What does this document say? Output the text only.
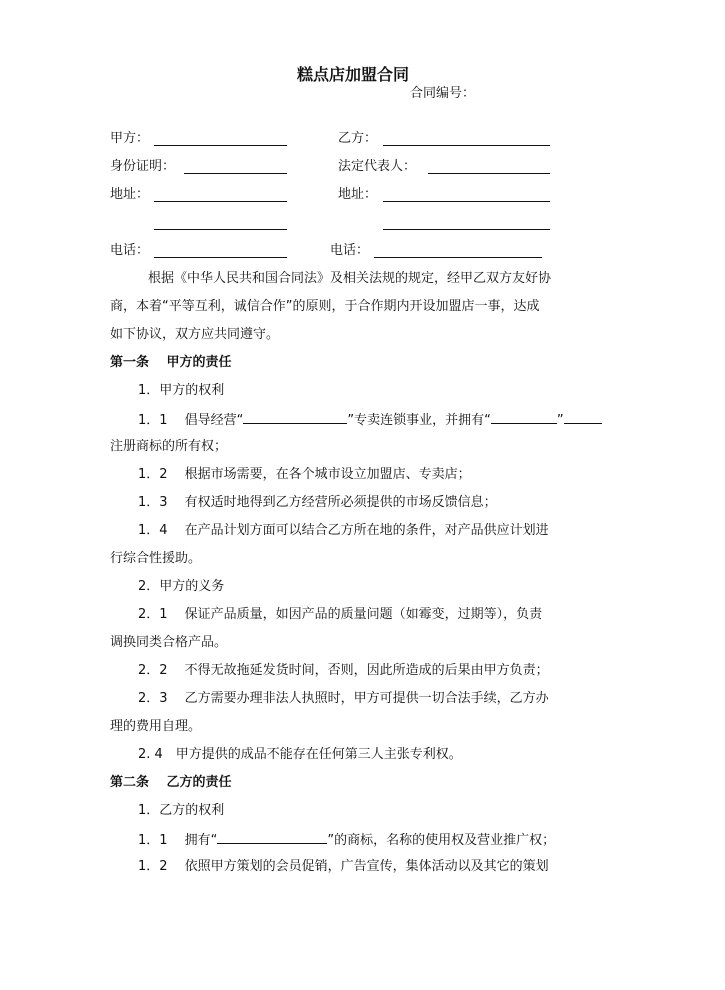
糕点店加盟合同
合同编号：
甲方：	乙方：
身份证明：	法定代表人：
地址：	地址：
电话：	电话：
根据《中华人民共和国合同法》及相关法规的规定，经甲乙双方友好协
商，本着“平等互利，诚信合作”的原则，于合作期内开设加盟店一事，达成
如下协议，双方应共同遵守。
第一条　 甲方的责任
1．甲方的权利
1．1　 倡导经营“	”专卖连锁事业，并拥有“	”
注册商标的所有权；
1．2　 根据市场需要，在各个城市设立加盟店、专卖店；
1．3　 有权适时地得到乙方经营所必须提供的市场反馈信息；
1．4　 在产品计划方面可以结合乙方所在地的条件，对产品供应计划进
行综合性援助。
2．甲方的义务
2．1　 保证产品质量，如因产品的质量问题（如霉变，过期等），负责
调换同类合格产品。
2．2　 不得无故拖延发货时间，否则，因此所造成的后果由甲方负责；
2．3　 乙方需要办理非法人执照时，甲方可提供一切合法手续，乙方办
理的费用自理。
2. 4　甲方提供的成品不能存在任何第三人主张专利权。
第二条　 乙方的责任
1．乙方的权利
1．1　 拥有“	”的商标，名称的使用权及营业推广权；
1．2　 依照甲方策划的会员促销，广告宣传，集体活动以及其它的策划
